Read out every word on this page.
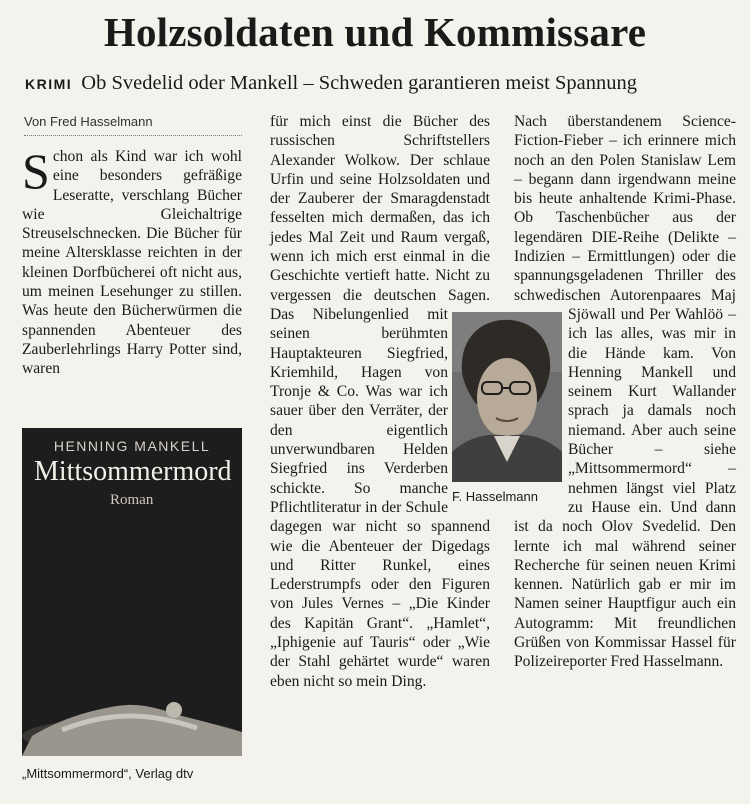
Holzsoldaten und Kommissare
KRIMI Ob Svedelid oder Mankell – Schweden garantieren meist Spannung
Von Fred Hasselmann

Schon als Kind war ich wohl eine besonders gefräßige Leseratte, verschlang Bücher wie Gleichaltrige Streuselschnecken. Die Bücher für meine Altersklasse reichten in der kleinen Dorfbücherei oft nicht aus, um meinen Lesehunger zu stillen. Was heute den Bücherwürmen die spannenden Abenteuer des Zauberlehrlings Harry Potter sind, waren

HENNING MANKELL
Mittsommermord
Roman
„Mittsommermord“, Verlag dtv

für mich einst die Bücher des russischen Schriftstellers Alexander Wolkow. Der schlaue Urfin und seine Holzsoldaten und der Zauberer der Smaragdenstadt fesselten mich dermaßen, das ich jedes Mal Zeit und Raum vergaß, wenn ich mich erst einmal in die Geschichte vertieft hatte. Nicht zu vergessen die deutschen Sagen. Das Nibelungenlied mit seinen berühmten Hauptakteuren Siegfried, Kriemhild, Hagen von Tronje & Co. Was war ich sauer über den Verräter, der den eigentlich unverwundbaren Helden Siegfried ins Verderben schickte. So manche Pflichtliteratur in der Schule dagegen war nicht so spannend wie die Abenteuer der Digedags und Ritter Runkel, eines Lederstrumpfs oder den Figuren von Jules Vernes – „Die Kinder des Kapitän Grant“. „Hamlet“, „Iphigenie auf Tauris“ oder „Wie der Stahl gehärtet wurde“ waren eben nicht so mein Ding.

Nach überstandenem Science-Fiction-Fieber – ich erinnere mich noch an den Polen Stanislaw Lem – begann dann irgendwann meine bis heute anhaltende Krimi-Phase. Ob Taschenbücher aus der legendären DIE-Reihe (Delikte – Indizien – Ermittlungen) oder die spannungsgeladenen Thriller des schwedischen Autorenpaares Maj Sjöwall und Per Wahlöö – ich las alles, was mir in die Hände kam. Von Henning Mankell und seinem Kurt Wallander sprach ja damals noch niemand. Aber auch seine Bücher – siehe „Mittsommermord“ – nehmen längst viel Platz zu Hause ein. Und dann ist da noch Olov Svedelid. Den lernte ich mal während seiner Recherche für seinen neuen Krimi kennen. Natürlich gab er mir im Namen seiner Hauptfigur auch ein Autogramm: Mit freundlichen Grüßen von Kommissar Hassel für Polizeireporter Fred Hasselmann.

F. Hasselmann
